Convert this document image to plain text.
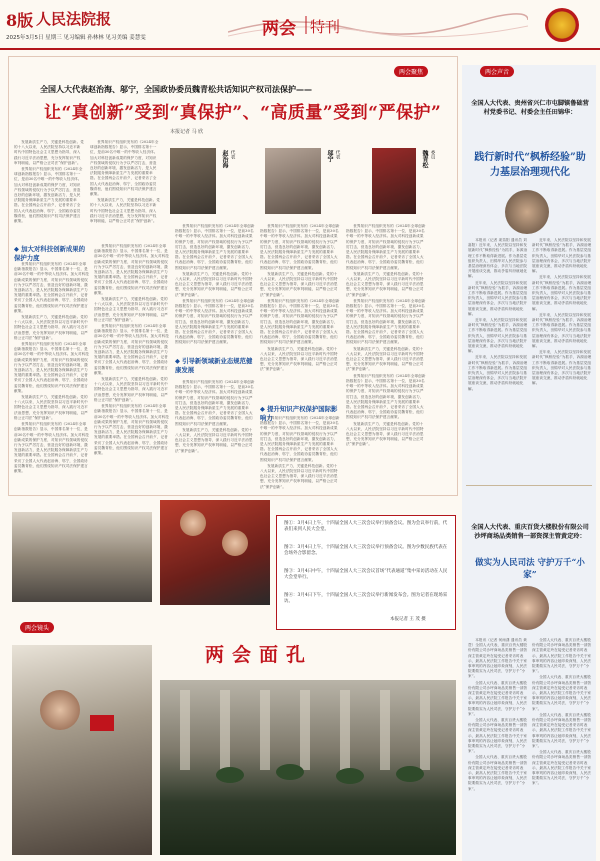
8版 人民法院报
2025年3月5日 星期三 见习编辑 孙林林 见习美编 姜慧雯	两会 特刊
两会聚焦
全国人大代表赵治海、邬宁，全国政协委员魏青松共话知识产权司法保护——
让“真创新”受到“真保护”、“高质量”受到“严保护”
本报记者 马 欣
赵治海 代表	邬宁 代表	魏青松 委员

发展新质生产力，关键是科技创新。党的十八大以来，人民法院坚持以习近平新时代中国特色社会主义思想为指导，深入践行习近平法治思想，充分发挥知识产权审判职能，以严格公正司法“保护创新”。

世界知识产权组织发布的《2024年全球创新指数报告》显示，中国排名第十一位，是前30名中唯一的中等收入经济体。加大对科技创新成果的保护力度，对知识产权领域的侵权行为予以严厉打击，营造良好的创新环境，激发创新活力，是人民法院服务保障新质生产力发展的重要举措。在全国两会召开前夕，记者采访了全国人大代表赵治海、邬宁，全国政协委员魏青松，他们围绕知识产权司法保护建言献策。

世界知识产权组织发布的《2024年全球创新指数报告》显示，中国排名第十一位，是前30名中唯一的中等收入经济体。加大对科技创新成果的保护力度，对知识产权领域的侵权行为予以严厉打击，营造良好的创新环境，激发创新活力，是人民法院服务保障新质生产力发展的重要举措。在全国两会召开前夕，记者采访了全国人大代表赵治海、邬宁，全国政协委员魏青松，他们围绕知识产权司法保护建言献策。

发展新质生产力，关键是科技创新。党的十八大以来，人民法院坚持以习近平新时代中国特色社会主义思想为指导，深入践行习近平法治思想，充分发挥知识产权审判职能，以严格公正司法“保护创新”。

◆ 加大对科技创新成果的保护力度

世界知识产权组织发布的《2024年全球创新指数报告》显示，中国排名第十一位，是前30名中唯一的中等收入经济体。加大对科技创新成果的保护力度，对知识产权领域的侵权行为予以严厉打击，营造良好的创新环境，激发创新活力，是人民法院服务保障新质生产力发展的重要举措。在全国两会召开前夕，记者采访了全国人大代表赵治海、邬宁，全国政协委员魏青松，他们围绕知识产权司法保护建言献策。

发展新质生产力，关键是科技创新。党的十八大以来，人民法院坚持以习近平新时代中国特色社会主义思想为指导，深入践行习近平法治思想，充分发挥知识产权审判职能，以严格公正司法“保护创新”。

世界知识产权组织发布的《2024年全球创新指数报告》显示，中国排名第十一位，是前30名中唯一的中等收入经济体。加大对科技创新成果的保护力度，对知识产权领域的侵权行为予以严厉打击，营造良好的创新环境，激发创新活力，是人民法院服务保障新质生产力发展的重要举措。在全国两会召开前夕，记者采访了全国人大代表赵治海、邬宁，全国政协委员魏青松，他们围绕知识产权司法保护建言献策。

发展新质生产力，关键是科技创新。党的十八大以来，人民法院坚持以习近平新时代中国特色社会主义思想为指导，深入践行习近平法治思想，充分发挥知识产权审判职能，以严格公正司法“保护创新”。

世界知识产权组织发布的《2024年全球创新指数报告》显示，中国排名第十一位，是前30名中唯一的中等收入经济体。加大对科技创新成果的保护力度，对知识产权领域的侵权行为予以严厉打击，营造良好的创新环境，激发创新活力，是人民法院服务保障新质生产力发展的重要举措。在全国两会召开前夕，记者采访了全国人大代表赵治海、邬宁，全国政协委员魏青松，他们围绕知识产权司法保护建言献策。

世界知识产权组织发布的《2024年全球创新指数报告》显示，中国排名第十一位，是前30名中唯一的中等收入经济体。加大对科技创新成果的保护力度，对知识产权领域的侵权行为予以严厉打击，营造良好的创新环境，激发创新活力，是人民法院服务保障新质生产力发展的重要举措。在全国两会召开前夕，记者采访了全国人大代表赵治海、邬宁，全国政协委员魏青松，他们围绕知识产权司法保护建言献策。

发展新质生产力，关键是科技创新。党的十八大以来，人民法院坚持以习近平新时代中国特色社会主义思想为指导，深入践行习近平法治思想，充分发挥知识产权审判职能，以严格公正司法“保护创新”。

世界知识产权组织发布的《2024年全球创新指数报告》显示，中国排名第十一位，是前30名中唯一的中等收入经济体。加大对科技创新成果的保护力度，对知识产权领域的侵权行为予以严厉打击，营造良好的创新环境，激发创新活力，是人民法院服务保障新质生产力发展的重要举措。在全国两会召开前夕，记者采访了全国人大代表赵治海、邬宁，全国政协委员魏青松，他们围绕知识产权司法保护建言献策。

发展新质生产力，关键是科技创新。党的十八大以来，人民法院坚持以习近平新时代中国特色社会主义思想为指导，深入践行习近平法治思想，充分发挥知识产权审判职能，以严格公正司法“保护创新”。

世界知识产权组织发布的《2024年全球创新指数报告》显示，中国排名第十一位，是前30名中唯一的中等收入经济体。加大对科技创新成果的保护力度，对知识产权领域的侵权行为予以严厉打击，营造良好的创新环境，激发创新活力，是人民法院服务保障新质生产力发展的重要举措。在全国两会召开前夕，记者采访了全国人大代表赵治海、邬宁，全国政协委员魏青松，他们围绕知识产权司法保护建言献策。

世界知识产权组织发布的《2024年全球创新指数报告》显示，中国排名第十一位，是前30名中唯一的中等收入经济体。加大对科技创新成果的保护力度，对知识产权领域的侵权行为予以严厉打击，营造良好的创新环境，激发创新活力，是人民法院服务保障新质生产力发展的重要举措。在全国两会召开前夕，记者采访了全国人大代表赵治海、邬宁，全国政协委员魏青松，他们围绕知识产权司法保护建言献策。

发展新质生产力，关键是科技创新。党的十八大以来，人民法院坚持以习近平新时代中国特色社会主义思想为指导，深入践行习近平法治思想，充分发挥知识产权审判职能，以严格公正司法“保护创新”。

世界知识产权组织发布的《2024年全球创新指数报告》显示，中国排名第十一位，是前30名中唯一的中等收入经济体。加大对科技创新成果的保护力度，对知识产权领域的侵权行为予以严厉打击，营造良好的创新环境，激发创新活力，是人民法院服务保障新质生产力发展的重要举措。在全国两会召开前夕，记者采访了全国人大代表赵治海、邬宁，全国政协委员魏青松，他们围绕知识产权司法保护建言献策。

◆ 引导新领域新业态规范健康发展

世界知识产权组织发布的《2024年全球创新指数报告》显示，中国排名第十一位，是前30名中唯一的中等收入经济体。加大对科技创新成果的保护力度，对知识产权领域的侵权行为予以严厉打击，营造良好的创新环境，激发创新活力，是人民法院服务保障新质生产力发展的重要举措。在全国两会召开前夕，记者采访了全国人大代表赵治海、邬宁，全国政协委员魏青松，他们围绕知识产权司法保护建言献策。

发展新质生产力，关键是科技创新。党的十八大以来，人民法院坚持以习近平新时代中国特色社会主义思想为指导，深入践行习近平法治思想，充分发挥知识产权审判职能，以严格公正司法“保护创新”。

世界知识产权组织发布的《2024年全球创新指数报告》显示，中国排名第十一位，是前30名中唯一的中等收入经济体。加大对科技创新成果的保护力度，对知识产权领域的侵权行为予以严厉打击，营造良好的创新环境，激发创新活力，是人民法院服务保障新质生产力发展的重要举措。在全国两会召开前夕，记者采访了全国人大代表赵治海、邬宁，全国政协委员魏青松，他们围绕知识产权司法保护建言献策。

发展新质生产力，关键是科技创新。党的十八大以来，人民法院坚持以习近平新时代中国特色社会主义思想为指导，深入践行习近平法治思想，充分发挥知识产权审判职能，以严格公正司法“保护创新”。

世界知识产权组织发布的《2024年全球创新指数报告》显示，中国排名第十一位，是前30名中唯一的中等收入经济体。加大对科技创新成果的保护力度，对知识产权领域的侵权行为予以严厉打击，营造良好的创新环境，激发创新活力，是人民法院服务保障新质生产力发展的重要举措。在全国两会召开前夕，记者采访了全国人大代表赵治海、邬宁，全国政协委员魏青松，他们围绕知识产权司法保护建言献策。

发展新质生产力，关键是科技创新。党的十八大以来，人民法院坚持以习近平新时代中国特色社会主义思想为指导，深入践行习近平法治思想，充分发挥知识产权审判职能，以严格公正司法“保护创新”。

◆ 提升知识产权保护国际影响力

世界知识产权组织发布的《2024年全球创新指数报告》显示，中国排名第十一位，是前30名中唯一的中等收入经济体。加大对科技创新成果的保护力度，对知识产权领域的侵权行为予以严厉打击，营造良好的创新环境，激发创新活力，是人民法院服务保障新质生产力发展的重要举措。在全国两会召开前夕，记者采访了全国人大代表赵治海、邬宁，全国政协委员魏青松，他们围绕知识产权司法保护建言献策。

发展新质生产力，关键是科技创新。党的十八大以来，人民法院坚持以习近平新时代中国特色社会主义思想为指导，深入践行习近平法治思想，充分发挥知识产权审判职能，以严格公正司法“保护创新”。

世界知识产权组织发布的《2024年全球创新指数报告》显示，中国排名第十一位，是前30名中唯一的中等收入经济体。加大对科技创新成果的保护力度，对知识产权领域的侵权行为予以严厉打击，营造良好的创新环境，激发创新活力，是人民法院服务保障新质生产力发展的重要举措。在全国两会召开前夕，记者采访了全国人大代表赵治海、邬宁，全国政协委员魏青松，他们围绕知识产权司法保护建言献策。

发展新质生产力，关键是科技创新。党的十八大以来，人民法院坚持以习近平新时代中国特色社会主义思想为指导，深入践行习近平法治思想，充分发挥知识产权审判职能，以严格公正司法“保护创新”。

世界知识产权组织发布的《2024年全球创新指数报告》显示，中国排名第十一位，是前30名中唯一的中等收入经济体。加大对科技创新成果的保护力度，对知识产权领域的侵权行为予以严厉打击，营造良好的创新环境，激发创新活力，是人民法院服务保障新质生产力发展的重要举措。在全国两会召开前夕，记者采访了全国人大代表赵治海、邬宁，全国政协委员魏青松，他们围绕知识产权司法保护建言献策。

发展新质生产力，关键是科技创新。党的十八大以来，人民法院坚持以习近平新时代中国特色社会主义思想为指导，深入践行习近平法治思想，充分发挥知识产权审判职能，以严格公正司法“保护创新”。

世界知识产权组织发布的《2024年全球创新指数报告》显示，中国排名第十一位，是前30名中唯一的中等收入经济体。加大对科技创新成果的保护力度，对知识产权领域的侵权行为予以严厉打击，营造良好的创新环境，激发创新活力，是人民法院服务保障新质生产力发展的重要举措。在全国两会召开前夕，记者采访了全国人大代表赵治海、邬宁，全国政协委员魏青松，他们围绕知识产权司法保护建言献策。

发展新质生产力，关键是科技创新。党的十八大以来，人民法院坚持以习近平新时代中国特色社会主义思想为指导，深入践行习近平法治思想，充分发挥知识产权审判职能，以严格公正司法“保护创新”。

两会声音
全国人大代表、贵州省兴仁市屯脚镇鲁础营村党委书记、村委会主任田锦华：
践行新时代“枫桥经验”助力基层治理现代化

本报讯（记者 姜夷阳 通讯员 刘嘉阳）近年来，人民法院以坚持和发展新时代“枫桥经验”为抓手，诉源治理工作不断取得新进展。作为基层党组织负责人，田锦华对人民法院参与基层治理深有体会，多次与当地法院开展座谈交流，推动矛盾纠纷就地化解。

近年来，人民法院以坚持和发展新时代“枫桥经验”为抓手，诉源治理工作不断取得新进展。作为基层党组织负责人，田锦华对人民法院参与基层治理深有体会，多次与当地法院开展座谈交流，推动矛盾纠纷就地化解。

近年来，人民法院以坚持和发展新时代“枫桥经验”为抓手，诉源治理工作不断取得新进展。作为基层党组织负责人，田锦华对人民法院参与基层治理深有体会，多次与当地法院开展座谈交流，推动矛盾纠纷就地化解。

近年来，人民法院以坚持和发展新时代“枫桥经验”为抓手，诉源治理工作不断取得新进展。作为基层党组织负责人，田锦华对人民法院参与基层治理深有体会，多次与当地法院开展座谈交流，推动矛盾纠纷就地化解。

近年来，人民法院以坚持和发展新时代“枫桥经验”为抓手，诉源治理工作不断取得新进展。作为基层党组织负责人，田锦华对人民法院参与基层治理深有体会，多次与当地法院开展座谈交流，推动矛盾纠纷就地化解。

近年来，人民法院以坚持和发展新时代“枫桥经验”为抓手，诉源治理工作不断取得新进展。作为基层党组织负责人，田锦华对人民法院参与基层治理深有体会，多次与当地法院开展座谈交流，推动矛盾纠纷就地化解。

近年来，人民法院以坚持和发展新时代“枫桥经验”为抓手，诉源治理工作不断取得新进展。作为基层党组织负责人，田锦华对人民法院参与基层治理深有体会，多次与当地法院开展座谈交流，推动矛盾纠纷就地化解。

近年来，人民法院以坚持和发展新时代“枫桥经验”为抓手，诉源治理工作不断取得新进展。作为基层党组织负责人，田锦华对人民法院参与基层治理深有体会，多次与当地法院开展座谈交流，推动矛盾纠纷就地化解。

全国人大代表、重庆百货大楼股份有限公司沙坪商场品类销售一部资深主管黄定玲：
做实为人民司法 守护万千“小家”

本报讯（记者 何雨潇 通讯员 黄薏）全国人大代表、重庆百货大楼股份有限公司沙坪商场品类销售一部资深主管黄定玲在接受记者采访时表示，最高人民法院工作报告中关于家事审判的内容让她印象深刻，人民法院要做实为人民司法，守护万千“小家”。

全国人大代表、重庆百货大楼股份有限公司沙坪商场品类销售一部资深主管黄定玲在接受记者采访时表示，最高人民法院工作报告中关于家事审判的内容让她印象深刻，人民法院要做实为人民司法，守护万千“小家”。

全国人大代表、重庆百货大楼股份有限公司沙坪商场品类销售一部资深主管黄定玲在接受记者采访时表示，最高人民法院工作报告中关于家事审判的内容让她印象深刻，人民法院要做实为人民司法，守护万千“小家”。

全国人大代表、重庆百货大楼股份有限公司沙坪商场品类销售一部资深主管黄定玲在接受记者采访时表示，最高人民法院工作报告中关于家事审判的内容让她印象深刻，人民法院要做实为人民司法，守护万千“小家”。

全国人大代表、重庆百货大楼股份有限公司沙坪商场品类销售一部资深主管黄定玲在接受记者采访时表示，最高人民法院工作报告中关于家事审判的内容让她印象深刻，人民法院要做实为人民司法，守护万千“小家”。

全国人大代表、重庆百货大楼股份有限公司沙坪商场品类销售一部资深主管黄定玲在接受记者采访时表示，最高人民法院工作报告中关于家事审判的内容让她印象深刻，人民法院要做实为人民司法，守护万千“小家”。

全国人大代表、重庆百货大楼股份有限公司沙坪商场品类销售一部资深主管黄定玲在接受记者采访时表示，最高人民法院工作报告中关于家事审判的内容让她印象深刻，人民法院要做实为人民司法，守护万千“小家”。

全国人大代表、重庆百货大楼股份有限公司沙坪商场品类销售一部资深主管黄定玲在接受记者采访时表示，最高人民法院工作报告中关于家事审判的内容让她印象深刻，人民法院要做实为人民司法，守护万千“小家”。

图①：3月4日上午，十四届全国人大三次会议举行预备会议。图为会议举行前，代表们来到人民大会堂。
图②：3月4日上午，十四届全国人大三次会议举行预备会议。图为少数民族代表在会场外合影留念。
图③：3月4日中午，十四届全国人大三次会议首场“代表通道”集中采访活动在人民大会堂举行。
图④：3月4日下午，十四届全国人大三次会议举行新闻发布会。图为记者在现场采访。
本报记者 王 茂 摄
两会镜头
两会面孔
